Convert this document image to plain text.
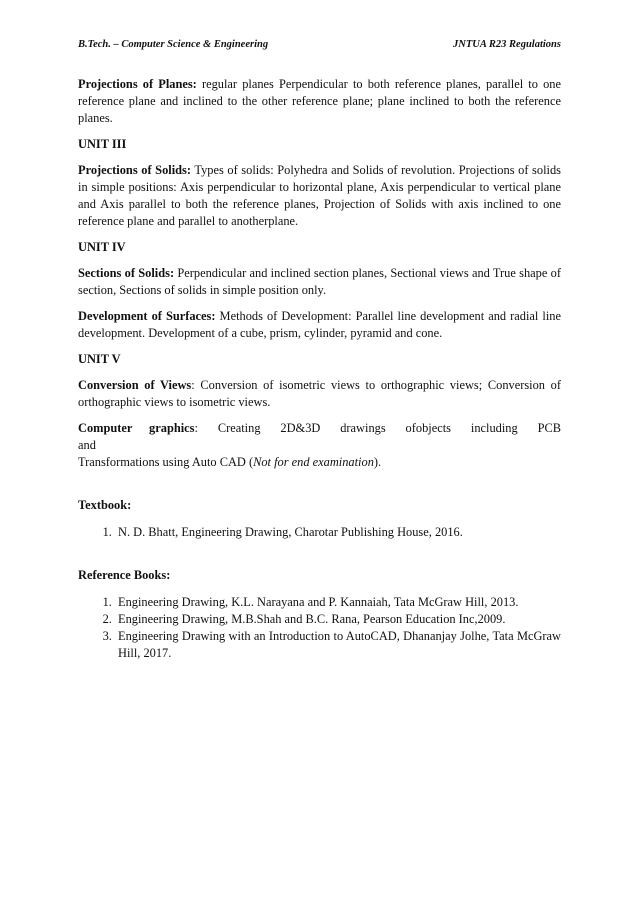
B.Tech. – Computer Science & Engineering	JNTUA R23 Regulations

Projections of Planes: regular planes Perpendicular to both reference planes, parallel to one reference plane and inclined to the other reference plane; plane inclined to both the reference planes.

UNIT III

Projections of Solids: Types of solids: Polyhedra and Solids of revolution. Projections of solids in simple positions: Axis perpendicular to horizontal plane, Axis perpendicular to vertical plane and Axis parallel to both the reference planes, Projection of Solids with axis inclined to one reference plane and parallel to anotherplane.

UNIT IV

Sections of Solids: Perpendicular and inclined section planes, Sectional views and True shape of section, Sections of solids in simple position only.

Development of Surfaces: Methods of Development: Parallel line development and radial line development. Development of a cube, prism, cylinder, pyramid and cone.

UNIT V

Conversion of Views: Conversion of isometric views to orthographic views; Conversion of orthographic views to isometric views.

Computer graphics: Creating 2D&3D drawings ofobjects including PCB and

Transformations using Auto CAD (Not for end examination).

Textbook:

1. N. D. Bhatt, Engineering Drawing, Charotar Publishing House, 2016.

Reference Books:

1. Engineering Drawing, K.L. Narayana and P. Kannaiah, Tata McGraw Hill, 2013.
2. Engineering Drawing, M.B.Shah and B.C. Rana, Pearson Education Inc,2009.
3. Engineering Drawing with an Introduction to AutoCAD, Dhananjay Jolhe, Tata McGraw Hill, 2017.
